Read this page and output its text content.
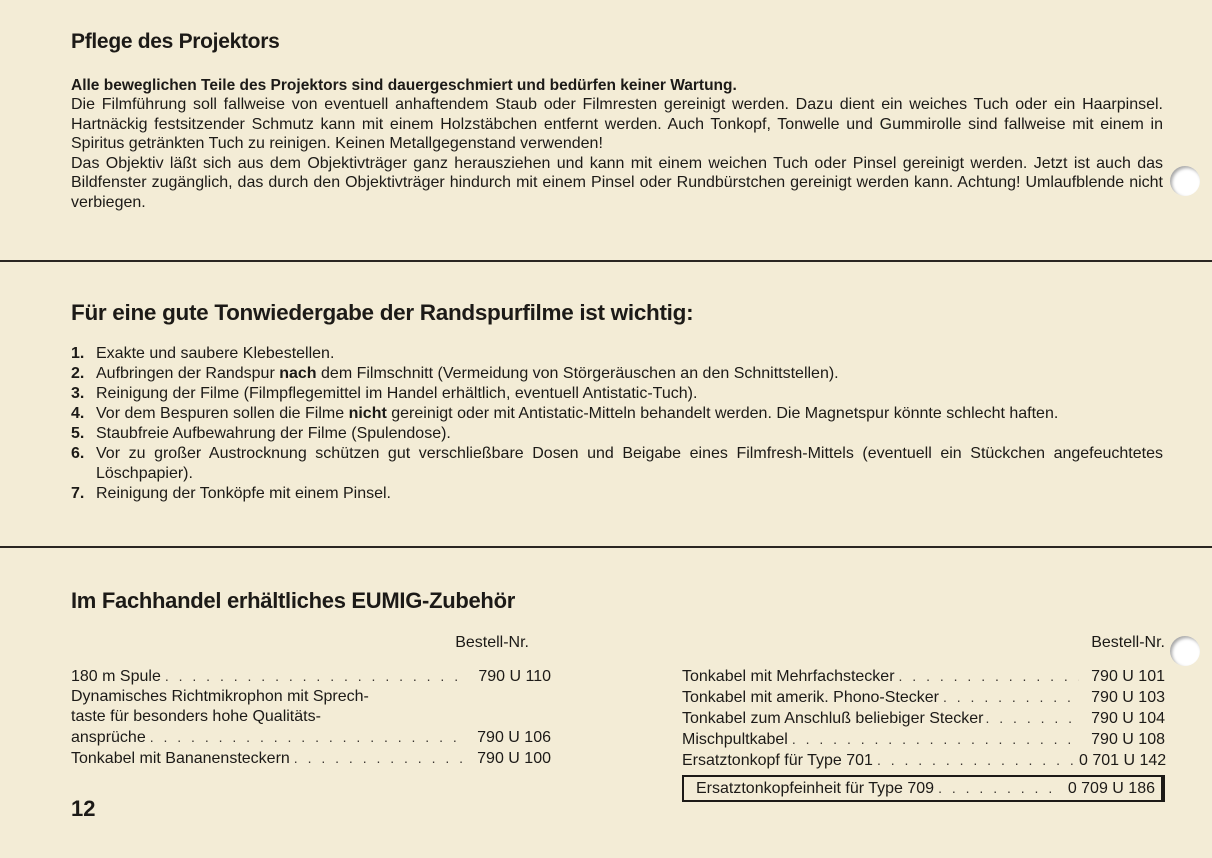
Pflege des Projektors
Alle beweglichen Teile des Projektors sind dauergeschmiert und bedürfen keiner Wartung.

Die Filmführung soll fallweise von eventuell anhaftendem Staub oder Filmresten gereinigt werden. Dazu dient ein weiches Tuch oder ein Haarpinsel. Hartnäckig festsitzender Schmutz kann mit einem Holzstäbchen entfernt werden. Auch Tonkopf, Tonwelle und Gummirolle sind fallweise mit einem in Spiritus getränkten Tuch zu reinigen. Keinen Metallgegenstand verwenden!

Das Objektiv läßt sich aus dem Objektivträger ganz herausziehen und kann mit einem weichen Tuch oder Pinsel gereinigt werden. Jetzt ist auch das Bildfenster zugänglich, das durch den Objektivträger hindurch mit einem Pinsel oder Rundbürstchen gereinigt werden kann. Achtung! Umlaufblende nicht verbiegen.

Für eine gute Tonwiedergabe der Randspurfilme ist wichtig:
1. Exakte und saubere Klebestellen.
2. Aufbringen der Randspur nach dem Filmschnitt (Vermeidung von Störgeräuschen an den Schnittstellen).
3. Reinigung der Filme (Filmpflegemittel im Handel erhältlich, eventuell Antistatic-Tuch).
4. Vor dem Bespuren sollen die Filme nicht gereinigt oder mit Antistatic-Mitteln behandelt werden. Die Magnetspur könnte schlecht haften.
5. Staubfreie Aufbewahrung der Filme (Spulendose).
6. Vor zu großer Austrocknung schützen gut verschließbare Dosen und Beigabe eines Filmfresh-Mittels (eventuell ein Stückchen angefeuchtetes Löschpapier).
7. Reinigung der Tonköpfe mit einem Pinsel.
Im Fachhandel erhältliches EUMIG-Zubehör
Bestell-Nr.
180 m Spule . . .	790 U 110
Dynamisches Richtmikrophon mit Sprech-
taste für besonders hohe Qualitäts-
ansprüche . . .	790 U 106
Tonkabel mit Bananensteckern . . .	790 U 100
Bestell-Nr.
Tonkabel mit Mehrfachstecker . . .	790 U 101
Tonkabel mit amerik. Phono-Stecker . . .	790 U 103
Tonkabel zum Anschluß beliebiger Stecker . . .	790 U 104
Mischpultkabel . . .	790 U 108
Ersatztonkopf für Type 701 . . .	0 701 U 142
Ersatztonkopfeinheit für Type 709 . . .	0 709 U 186
12
